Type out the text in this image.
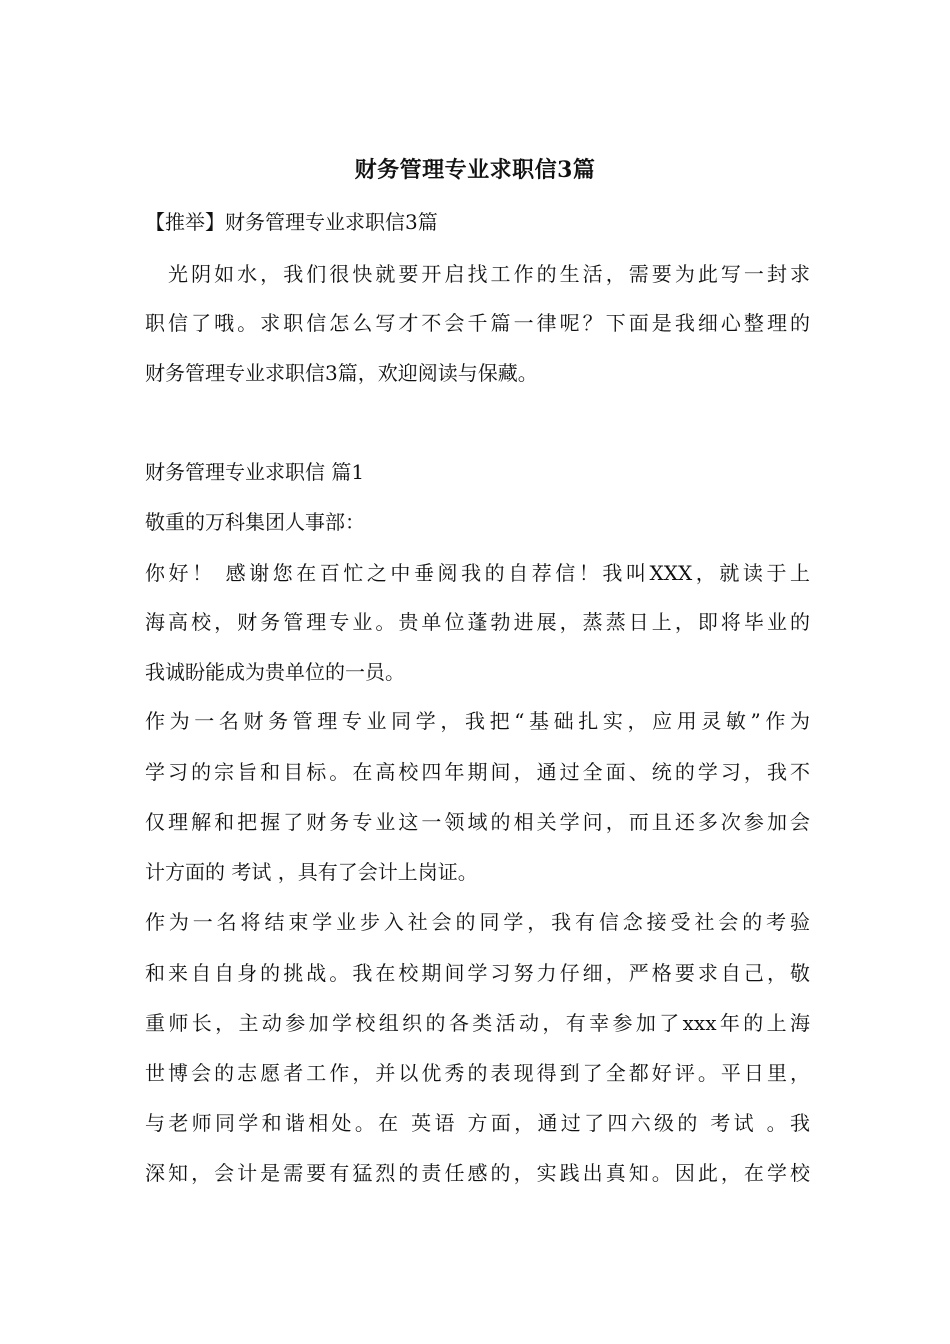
财务管理专业求职信3篇
【推举】财务管理专业求职信3篇
　光阴如水，我们很快就要开启找工作的生活，需要为此写一封求
职信了哦。求职信怎么写才不会千篇一律呢？下面是我细心整理的
财务管理专业求职信3篇，欢迎阅读与保藏。
财务管理专业求职信 篇1
敬重的万科集团人事部：
你好！ 感谢您在百忙之中垂阅我的自荐信！我叫XXX，就读于上
海高校，财务管理专业。贵单位蓬勃进展，蒸蒸日上，即将毕业的
我诚盼能成为贵单位的一员。
作为一名财务管理专业同学，我把“基础扎实，应用灵敏”作为
学习的宗旨和目标。在高校四年期间，通过全面、统的学习，我不
仅理解和把握了财务专业这一领域的相关学问，而且还多次参加会
计方面的 考试 ，具有了会计上岗证。
作为一名将结束学业步入社会的同学，我有信念接受社会的考验
和来自自身的挑战。我在校期间学习努力仔细，严格要求自己，敬
重师长，主动参加学校组织的各类活动，有幸参加了xxx年的上海
世博会的志愿者工作，并以优秀的表现得到了全都好评。平日里，
与老师同学和谐相处。在 英语 方面，通过了四六级的 考试 。我
深知，会计是需要有猛烈的责任感的，实践出真知。因此，在学校
